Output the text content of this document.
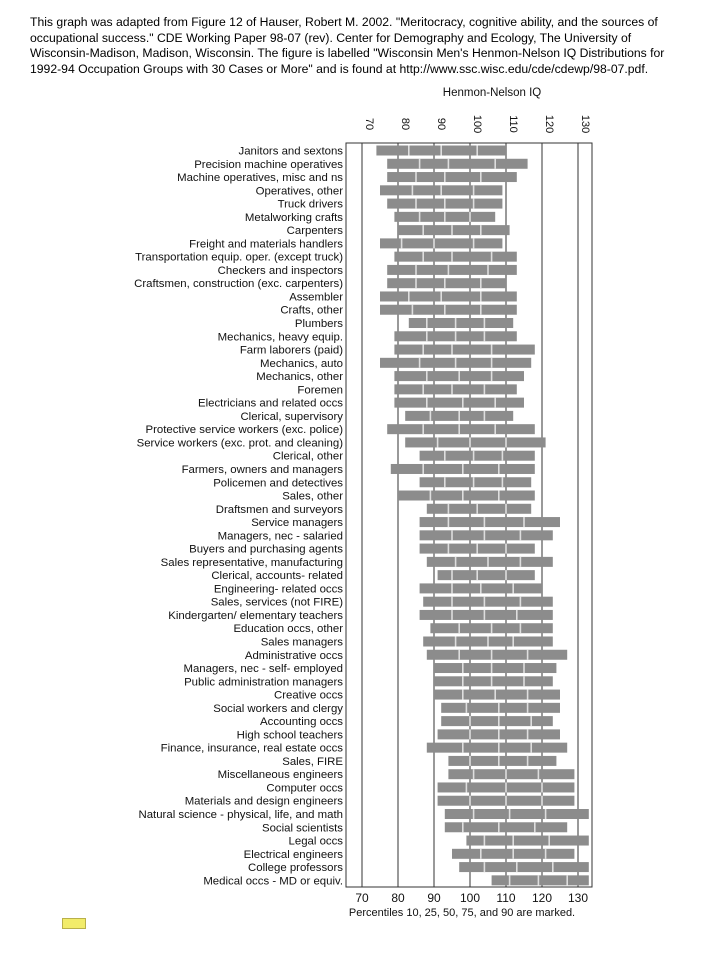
This graph was adapted from Figure 12 of Hauser, Robert M. 2002. "Meritocracy, cognitive ability, and the sources of occupational success." CDE Working Paper 98-07 (rev). Center for Demography and Ecology, The University of Wisconsin-Madison, Madison, Wisconsin. The figure is labelled "Wisconsin Men's Henmon-Nelson IQ Distributions for 1992-94 Occupation Groups with 30 Cases or More" and is found at http://www.ssc.wisc.edu/cde/cdewp/98-07.pdf.
Henmon-Nelson IQ
Percentiles 10, 25, 50, 75, and 90 are marked.
Janitors and sextons
Precision machine operatives
Machine operatives, misc and ns
Operatives, other
Truck drivers
Metalworking crafts
Carpenters
Freight and materials handlers
Transportation equip. oper. (except truck)
Checkers and inspectors
Craftsmen, construction (exc. carpenters)
Assembler
Crafts, other
Plumbers
Mechanics, heavy equip.
Farm laborers (paid)
Mechanics, auto
Mechanics, other
Foremen
Electricians and related occs
Clerical, supervisory
Protective service workers (exc. police)
Service workers (exc. prot. and cleaning)
Clerical, other
Farmers, owners and managers
Policemen and detectives
Sales, other
Draftsmen and surveyors
Service managers
Managers, nec - salaried
Buyers and purchasing agents
Sales representative, manufacturing
Clerical, accounts- related
Engineering- related occs
Sales, services (not FIRE)
Kindergarten/ elementary teachers
Education occs, other
Sales managers
Administrative occs
Managers, nec - self- employed
Public administration managers
Creative occs
Social workers and clergy
Accounting occs
High school teachers
Finance, insurance, real estate occs
Sales, FIRE
Miscellaneous engineers
Computer occs
Materials and design engineers
Natural science - physical, life, and math
Social scientists
Legal occs
Electrical engineers
College professors
Medical occs - MD or equiv.
70
70
80
80
90
90
100
100
110
110
120
120
130
130
